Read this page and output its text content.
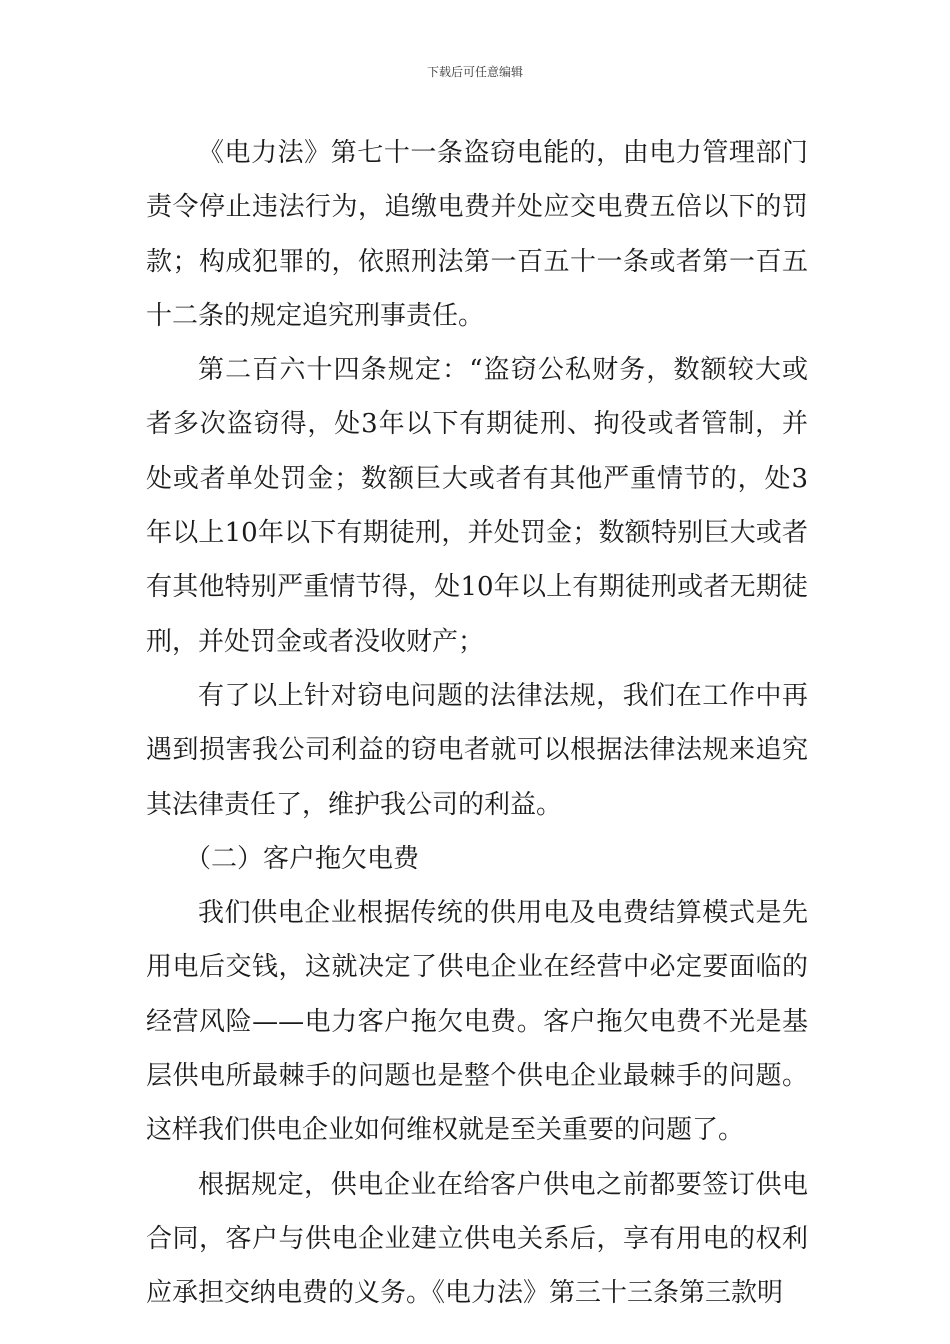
下载后可任意编辑

《电力法》第七十一条盗窃电能的，由电力管理部门责令停止违法行为，追缴电费并处应交电费五倍以下的罚款；构成犯罪的，依照刑法第一百五十一条或者第一百五十二条的规定追究刑事责任。

第二百六十四条规定：“盗窃公私财务，数额较大或者多次盗窃得，处3年以下有期徒刑、拘役或者管制，并处或者单处罚金；数额巨大或者有其他严重情节的，处3年以上10年以下有期徒刑，并处罚金；数额特别巨大或者有其他特别严重情节得，处10年以上有期徒刑或者无期徒刑，并处罚金或者没收财产；

有了以上针对窃电问题的法律法规，我们在工作中再遇到损害我公司利益的窃电者就可以根据法律法规来追究其法律责任了，维护我公司的利益。

（二）客户拖欠电费

我们供电企业根据传统的供用电及电费结算模式是先用电后交钱，这就决定了供电企业在经营中必定要面临的经营风险——电力客户拖欠电费。客户拖欠电费不光是基层供电所最棘手的问题也是整个供电企业最棘手的问题。这样我们供电企业如何维权就是至关重要的问题了。

根据规定，供电企业在给客户供电之前都要签订供电合同，客户与供电企业建立供电关系后，享有用电的权利应承担交纳电费的义务。《电力法》第三十三条第三款明
